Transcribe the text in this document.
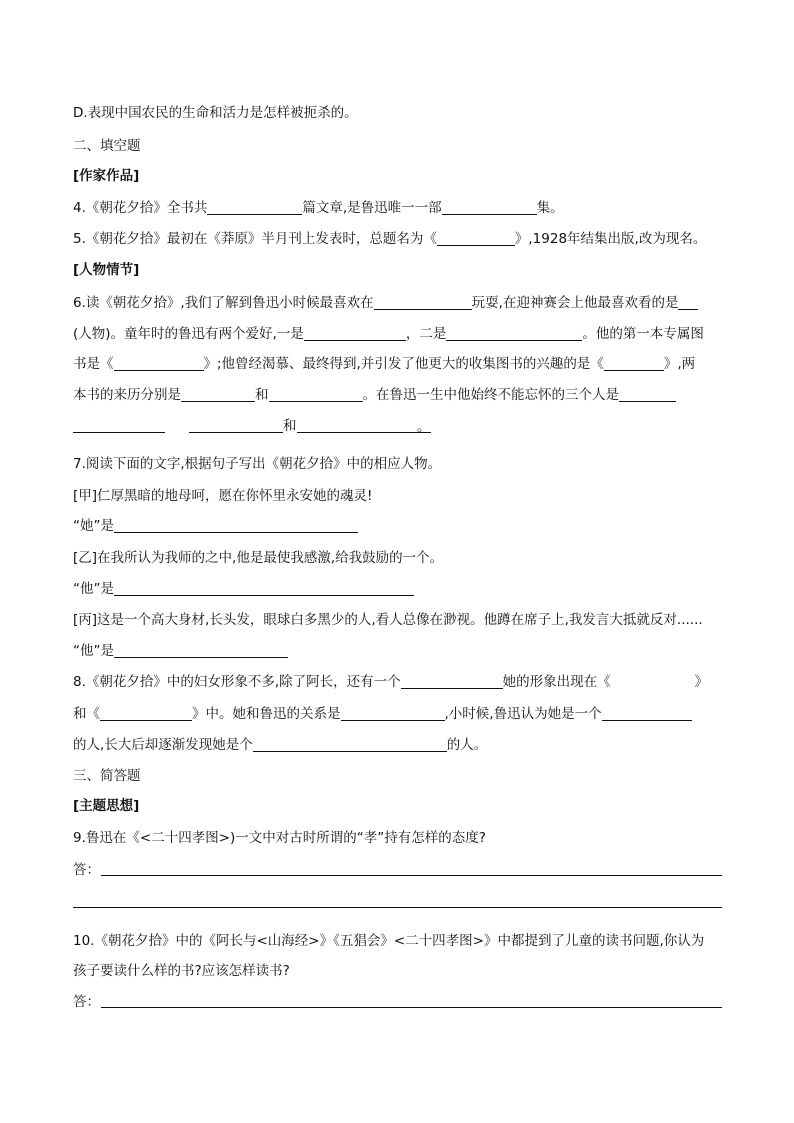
D.表现中国农民的生命和活力是怎样被扼杀的。
二、填空题
[作家作品]
4.《朝花夕拾》全书共	篇文章,是鲁迅唯一一部	集。
5.《朝花夕拾》最初在《莽原》半月刊上发表时，总题名为《	》,1928年结集出版,改为现名。
[人物情节]
6.读《朝花夕拾》,我们了解到鲁迅小时候最喜欢在	玩耍,在迎神赛会上他最喜欢看的是
(人物)。童年时的鲁迅有两个爱好,一是	，二是	。他的第一本专属图
书是《	》;他曾经渴慕、最终得到,并引发了他更大的收集图书的兴趣的是《	》,两
本书的来历分别是	和	。在鲁迅一生中他始终不能忘怀的三个人是
和	。
7.阅读下面的文字,根据句子写出《朝花夕拾》中的相应人物。
[甲]仁厚黑暗的地母呵，愿在你怀里永安她的魂灵!
“她”是
[乙]在我所认为我师的之中,他是最使我感激,给我鼓励的一个。
“他”是
[丙]这是一个高大身材,长头发，眼球白多黑少的人,看人总像在渺视。他蹲在席子上,我发言大抵就反对......
“他”是
8.《朝花夕拾》中的妇女形象不多,除了阿长，还有一个	她的形象出现在《	》
和《	》中。她和鲁迅的关系是	,小时候,鲁迅认为她是一个
的人,长大后却逐渐发现她是个	的人。
三、简答题
[主题思想]
9.鲁迅在《<二十四孝图>)一文中对古时所谓的“孝”持有怎样的态度?
答：
10.《朝花夕拾》中的《阿长与<山海经>》《五猖会》<二十四孝图>》中都提到了儿童的读书问题,你认为
孩子要读什么样的书?应该怎样读书?
答：
